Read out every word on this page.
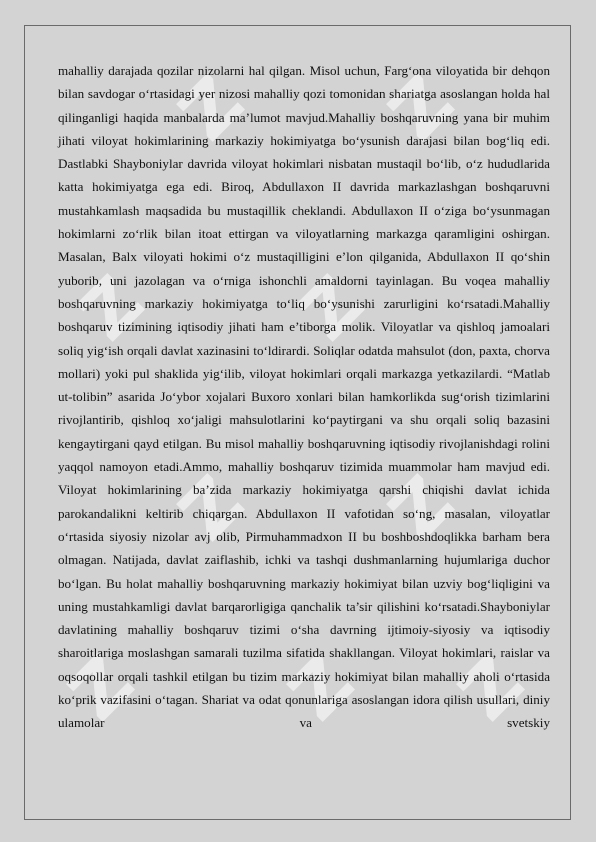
Z Z
Z Z
Z Z
Z Z Z

mahalliy darajada qozilar nizolarni hal qilgan. Misol uchun, Farg‘ona viloyatida bir dehqon bilan savdogar o‘rtasidagi yer nizosi mahalliy qozi tomonidan shariatga asoslangan holda hal qilinganligi haqida manbalarda ma’lumot mavjud.Mahalliy boshqaruvning yana bir muhim jihati viloyat hokimlarining markaziy hokimiyatga bo‘ysunish darajasi bilan bog‘liq edi. Dastlabki Shayboniylar davrida viloyat hokimlari nisbatan mustaqil bo‘lib, o‘z hududlarida katta hokimiyatga ega edi. Biroq, Abdullaxon II davrida markazlashgan boshqaruvni mustahkamlash maqsadida bu mustaqillik cheklandi. Abdullaxon II o‘ziga bo‘ysunmagan hokimlarni zo‘rlik bilan itoat ettirgan va viloyatlarning markazga qaramligini oshirgan. Masalan, Balx viloyati hokimi o‘z mustaqilligini e’lon qilganida, Abdullaxon II qo‘shin yuborib, uni jazolagan va o‘rniga ishonchli amaldorni tayinlagan. Bu voqea mahalliy boshqaruvning markaziy hokimiyatga to‘liq bo‘ysunishi zarurligini ko‘rsatadi.Mahalliy boshqaruv tizimining iqtisodiy jihati ham e’tiborga molik. Viloyatlar va qishloq jamoalari soliq yig‘ish orqali davlat xazinasini to‘ldirardi. Soliqlar odatda mahsulot (don, paxta, chorva mollari) yoki pul shaklida yig‘ilib, viloyat hokimlari orqali markazga yetkazilardi. “Matlab ut-tolibin” asarida Jo‘ybor xojalari Buxoro xonlari bilan hamkorlikda sug‘orish tizimlarini rivojlantirib, qishloq xo‘jaligi mahsulotlarini ko‘paytirgani va shu orqali soliq bazasini kengaytirgani qayd etilgan. Bu misol mahalliy boshqaruvning iqtisodiy rivojlanishdagi rolini yaqqol namoyon etadi.Ammo, mahalliy boshqaruv tizimida muammolar ham mavjud edi. Viloyat hokimlarining ba’zida markaziy hokimiyatga qarshi chiqishi davlat ichida parokandalikni keltirib chiqargan. Abdullaxon II vafotidan so‘ng, masalan, viloyatlar o‘rtasida siyosiy nizolar avj olib, Pirmuhammadxon II bu boshboshdoqlikka barham bera olmagan. Natijada, davlat zaiflashib, ichki va tashqi dushmanlarning hujumlariga duchor bo‘lgan. Bu holat mahalliy boshqaruvning markaziy hokimiyat bilan uzviy bog‘liqligini va uning mustahkamligi davlat barqarorligiga qanchalik ta’sir qilishini ko‘rsatadi.Shayboniylar davlatining mahalliy boshqaruv tizimi o‘sha davrning ijtimoiy-siyosiy va iqtisodiy sharoitlariga moslashgan samarali tuzilma sifatida shakllangan. Viloyat hokimlari, raislar va oqsoqollar orqali tashkil etilgan bu tizim markaziy hokimiyat bilan mahalliy aholi o‘rtasida ko‘prik vazifasini o‘tagan. Shariat va odat qonunlariga asoslangan idora qilish usullari, diniy ulamolar va svetskiy
